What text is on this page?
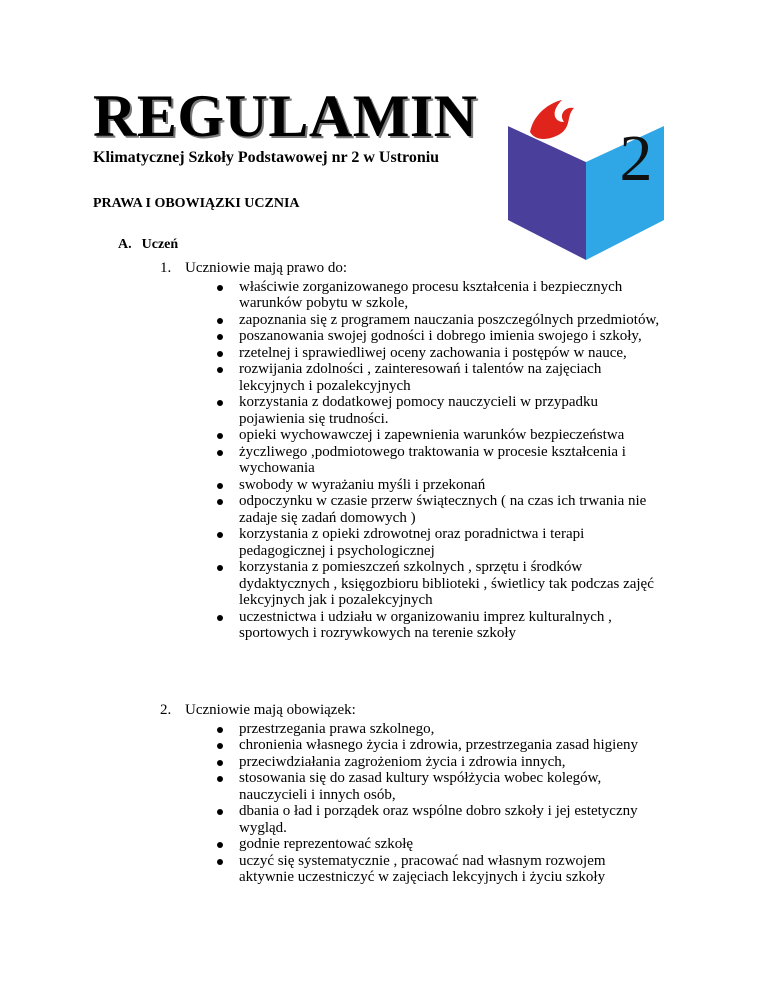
REGULAMIN
Klimatycznej Szkoły Podstawowej nr 2 w Ustroniu	2
PRAWA I OBOWIĄZKI UCZNIA
A. Uczeń
1. Uczniowie mają prawo do:
właściwie zorganizowanego procesu kształcenia i bezpiecznych warunków pobytu w szkole,
zapoznania się z programem nauczania poszczególnych przedmiotów,
poszanowania swojej godności i dobrego imienia swojego i szkoły,
rzetelnej i sprawiedliwej oceny zachowania i postępów w nauce,
rozwijania zdolności , zainteresowań i talentów na zajęciach lekcyjnych i pozalekcyjnych
korzystania z dodatkowej pomocy nauczycieli w przypadku pojawienia się trudności.
opieki wychowawczej i zapewnienia warunków bezpieczeństwa
życzliwego ,podmiotowego traktowania w procesie kształcenia i wychowania
swobody w wyrażaniu myśli i przekonań
odpoczynku w czasie przerw świątecznych ( na czas ich trwania nie zadaje się zadań domowych )
korzystania z opieki zdrowotnej oraz poradnictwa i terapi pedagogicznej i psychologicznej
korzystania z pomieszczeń szkolnych , sprzętu i środków dydaktycznych , księgozbioru biblioteki , świetlicy tak podczas zajęć lekcyjnych jak i pozalekcyjnych
uczestnictwa i udziału w organizowaniu imprez kulturalnych , sportowych i rozrywkowych na terenie szkoły
2. Uczniowie mają obowiązek:
przestrzegania prawa szkolnego,
chronienia własnego życia i zdrowia, przestrzegania zasad higieny
przeciwdziałania zagrożeniom życia i zdrowia innych,
stosowania się do zasad kultury współżycia wobec kolegów, nauczycieli i innych osób,
dbania o ład i porządek oraz wspólne dobro szkoły i jej estetyczny wygląd.
godnie reprezentować szkołę
uczyć się systematycznie , pracować nad własnym rozwojem aktywnie uczestniczyć w zajęciach lekcyjnych i życiu szkoły
